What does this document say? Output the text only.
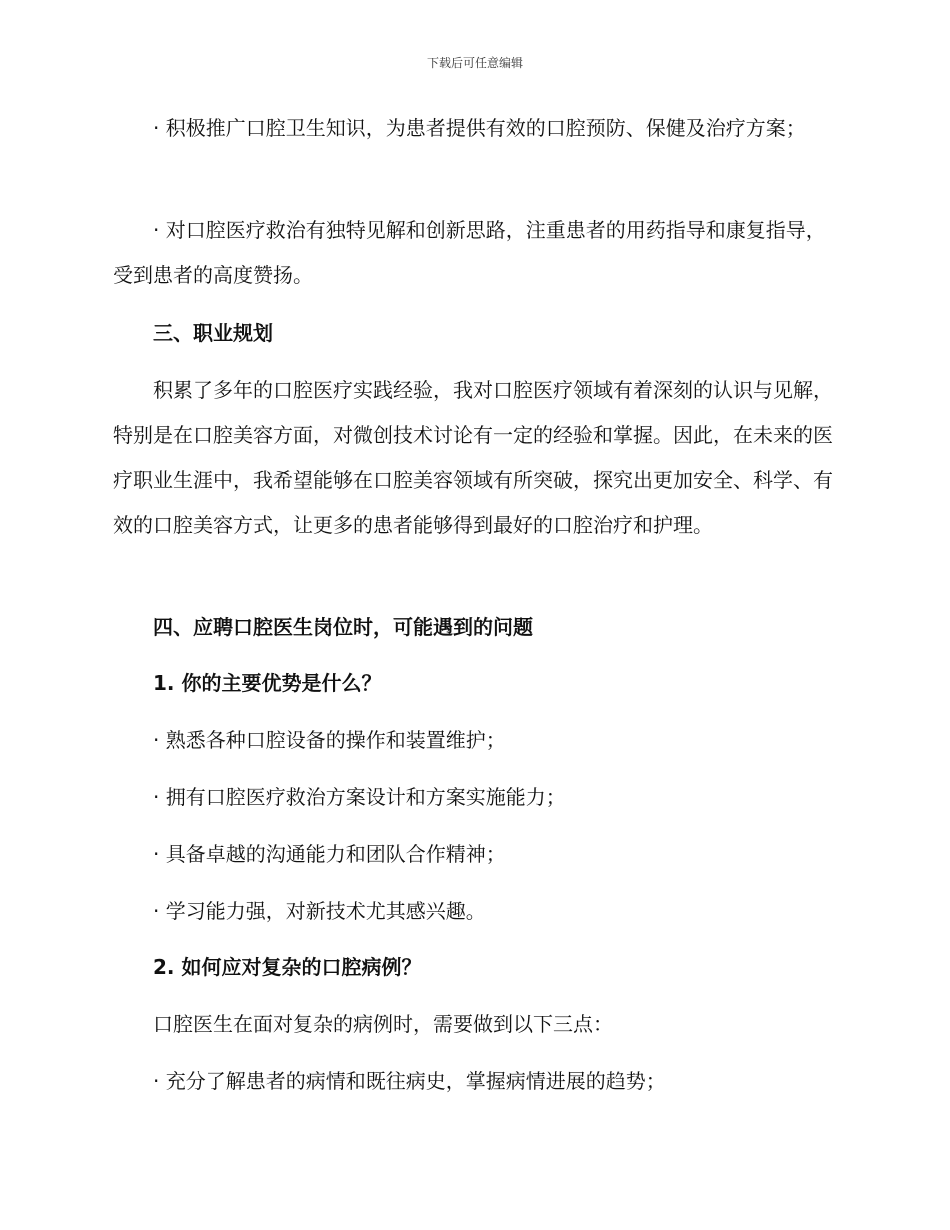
下载后可任意编辑

· 积极推广口腔卫生知识，为患者提供有效的口腔预防、保健及治疗方案；

· 对口腔医疗救治有独特见解和创新思路，注重患者的用药指导和康复指导，受到患者的高度赞扬。

三、职业规划

积累了多年的口腔医疗实践经验，我对口腔医疗领域有着深刻的认识与见解，特别是在口腔美容方面，对微创技术讨论有一定的经验和掌握。因此，在未来的医疗职业生涯中，我希望能够在口腔美容领域有所突破，探究出更加安全、科学、有效的口腔美容方式，让更多的患者能够得到最好的口腔治疗和护理。

四、应聘口腔医生岗位时，可能遇到的问题

1. 你的主要优势是什么？

· 熟悉各种口腔设备的操作和装置维护；

· 拥有口腔医疗救治方案设计和方案实施能力；

· 具备卓越的沟通能力和团队合作精神；

· 学习能力强，对新技术尤其感兴趣。

2. 如何应对复杂的口腔病例？

口腔医生在面对复杂的病例时，需要做到以下三点：

· 充分了解患者的病情和既往病史，掌握病情进展的趋势；
